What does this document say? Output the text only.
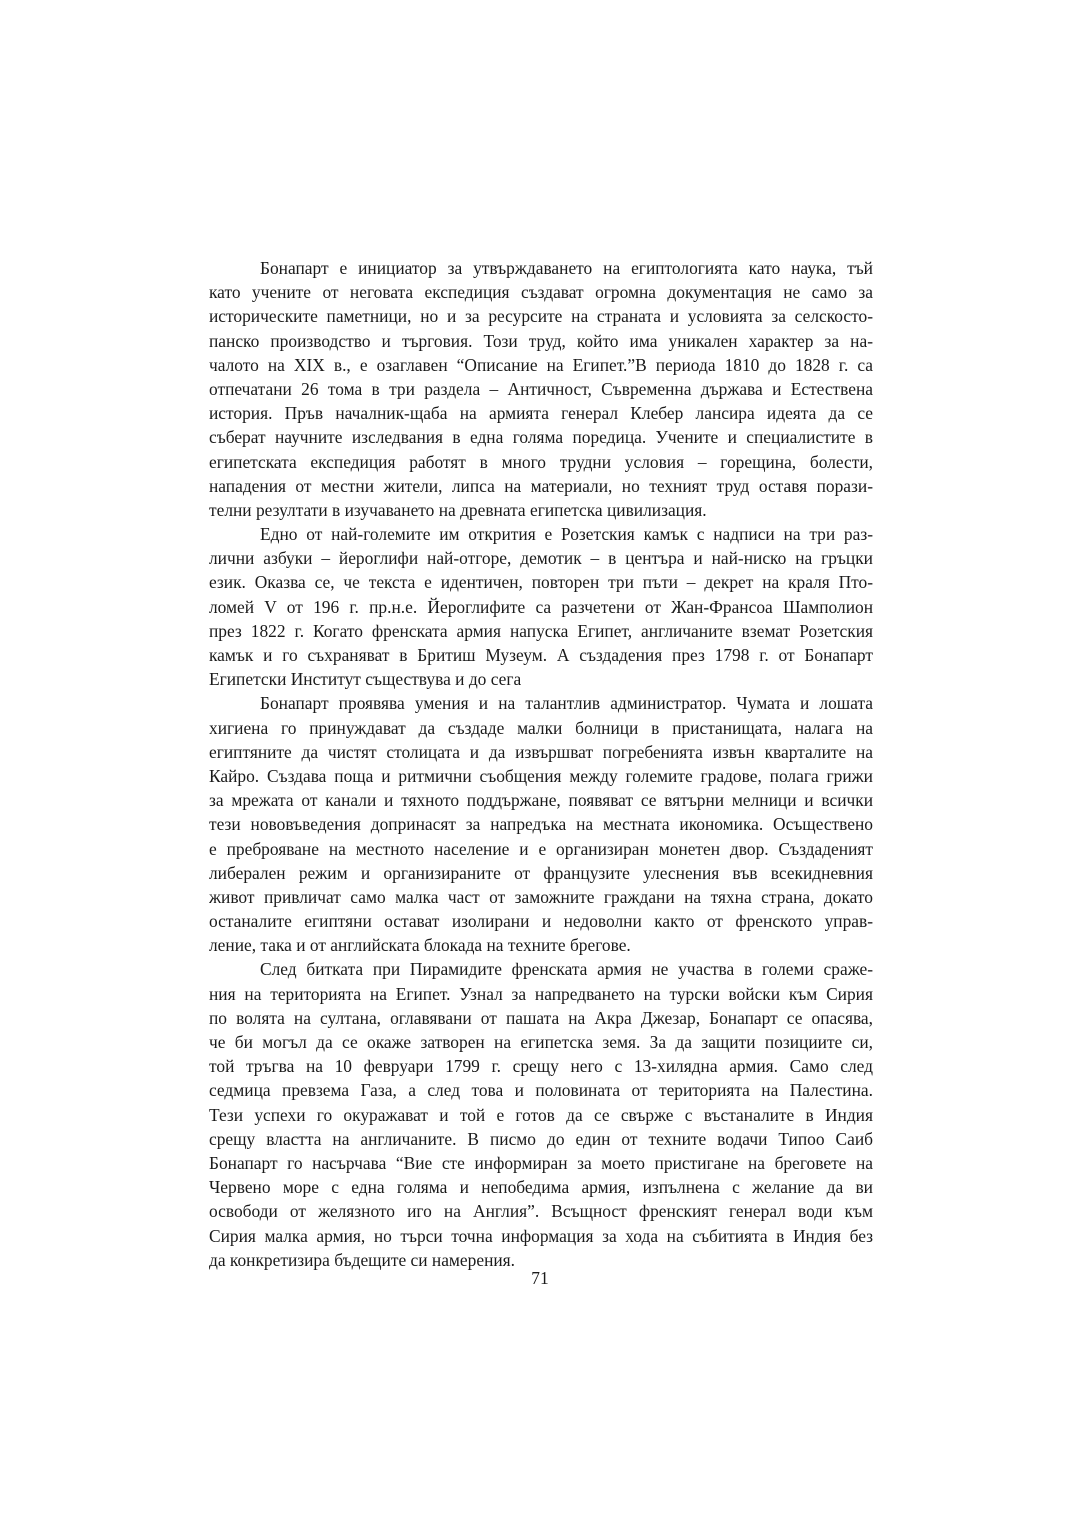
Бонапарт е инициатор за утвърждаването на египтологията като наука, тъй
като учените от неговата експедиция създават огромна документация не само за
историческите паметници, но и за ресурсите на страната и условията за селскосто-
панско производство и търговия. Този труд, който има уникален характер за на-
чалото на XIX в., е озаглавен “Описание на Египет.”В периода 1810 до 1828 г. са
отпечатани 26 тома в три раздела – Античност, Съвременна държава и Естествена
история. Пръв началник-щаба на армията генерал Клебер лансира идеята да се
съберат научните изследвания в една голяма поредица. Учените и специалистите в
египетската експедиция работят в много трудни условия – горещина, болести,
нападения от местни жители, липса на материали, но техният труд оставя порази-
телни резултати в изучаването на древната египетска цивилизация.
Едно от най-големите им открития е Розетския камък с надписи на три раз-
лични азбуки – йероглифи най-отгоре, демотик – в центъра и най-ниско на гръцки
език. Оказва се, че текста е идентичен, повторен три пъти – декрет на краля Пто-
ломей V от 196 г. пр.н.е. Йероглифите са разчетени от Жан-Франсоа Шамполион
през 1822 г. Когато френската армия напуска Египет, англичаните вземат Розетския
камък и го съхраняват в Бритиш Музеум. А създадения през 1798 г. от Бонапарт
Египетски Институт съществува и до сега
Бонапарт проявява умения и на талантлив администратор. Чумата и лошата
хигиена го принуждават да създаде малки болници в пристанищата, налага на
египтяните да чистят столицата и да извършват погребенията извън кварталите на
Кайро. Създава поща и ритмични съобщения между големите градове, полага грижи
за мрежата от канали и тяхното поддържане, появяват се вятърни мелници и всички
тези нововъведения допринасят за напредъка на местната икономика. Осъществено
е преброяване на местното население и е организиран монетен двор. Създаденият
либерален режим и организираните от французите улеснения във всекидневния
живот привличат само малка част от заможните граждани на тяхна страна, докато
останалите египтяни остават изолирани и недоволни както от френското управ-
ление, така и от английската блокада на техните брегове.
След битката при Пирамидите френската армия не участва в големи сраже-
ния на територията на Египет. Узнал за напредването на турски войски към Сирия
по волята на султана, оглавявани от пашата на Акра Джезар, Бонапарт се опасява,
че би могъл да се окаже затворен на египетска земя. За да защити позициите си,
той тръгва на 10 февруари 1799 г. срещу него с 13-хилядна армия. Само след
седмица превзема Газа, а след това и половината от територията на Палестина.
Тези успехи го окуражават и той е готов да се свърже с въстаналите в Индия
срещу властта на англичаните. В писмо до един от техните водачи Типоо Саиб
Бонапарт го насърчава “Вие сте информиран за моето пристигане на бреговете на
Червено море с една голяма и непобедима армия, изпълнена с желание да ви
освободи от желязното иго на Англия”. Всъщност френският генерал води към
Сирия малка армия, но търси точна информация за хода на събитията в Индия без
да конкретизира бъдещите си намерения.
71
